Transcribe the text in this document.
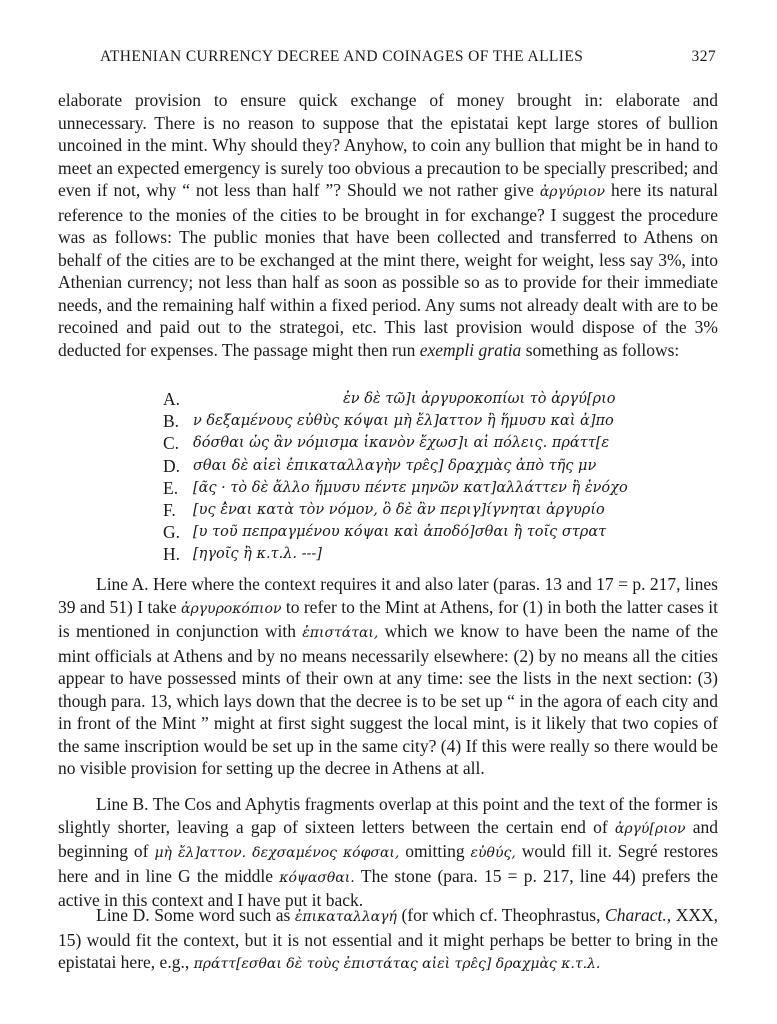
ATHENIAN CURRENCY DECREE AND COINAGES OF THE ALLIES	327

elaborate provision to ensure quick exchange of money brought in: elaborate and unnecessary. There is no reason to suppose that the epistatai kept large stores of bullion uncoined in the mint. Why should they? Anyhow, to coin any bullion that might be in hand to meet an expected emergency is surely too obvious a precaution to be specially prescribed; and even if not, why “ not less than half ”? Should we not rather give ἀργύριον here its natural reference to the monies of the cities to be brought in for exchange? I suggest the procedure was as follows: The public monies that have been collected and transferred to Athens on behalf of the cities are to be exchanged at the mint there, weight for weight, less say 3%, into Athenian currency; not less than half as soon as possible so as to provide for their immediate needs, and the remaining half within a fixed period. Any sums not already dealt with are to be recoined and paid out to the strategoi, etc. This last provision would dispose of the 3% deducted for expenses. The passage might then run exempli gratia something as follows:

A.	ἐν δὲ τῶ]ι ἀργυροκοπίωι τὸ ἀργύ[ριο
B. ν δεξαμένους εὐθὺς κόψαι μὴ ἔλ]αττον ἢ ἥμυσυ καὶ ἀ]πο
C. δόσθαι ὡς ἂν νόμισμα ἱκανὸν ἔχωσ]ι αἱ πόλεις. πράττ[ε
D. σθαι δὲ αἰεὶ ἐπικαταλλαγὴν τρε̂ς] δραχμὰς ἀπὸ τῆς μν
E. [ᾶς · τὸ δὲ ἄλλο ἥμυσυ πέντε μηνῶν κατ]αλλάττεν ἢ ἐνόχο
F. [υς ἐ̂ναι κατὰ τὸν νόμον, ὃ δὲ ἂν περιγ]ίγνηται ἀργυρίο
G. [υ τοῦ πεπραγμένου κόψαι καὶ ἀποδό]σθαι ἢ τοῖς στρατ
H. [ηγοῖς ἢ κ.τ.λ. ---]

Line A. Here where the context requires it and also later (paras. 13 and 17 = p. 217, lines 39 and 51) I take ἀργυροκόπιον to refer to the Mint at Athens, for (1) in both the latter cases it is mentioned in conjunction with ἐπιστάται, which we know to have been the name of the mint officials at Athens and by no means necessarily elsewhere: (2) by no means all the cities appear to have possessed mints of their own at any time: see the lists in the next section: (3) though para. 13, which lays down that the decree is to be set up “ in the agora of each city and in front of the Mint ” might at first sight suggest the local mint, is it likely that two copies of the same inscription would be set up in the same city? (4) If this were really so there would be no visible provision for setting up the decree in Athens at all.

Line B. The Cos and Aphytis fragments overlap at this point and the text of the former is slightly shorter, leaving a gap of sixteen letters between the certain end of ἀργύ[ριον and beginning of μὴ ἔλ]αττον. δεχσαμένος κόφσαι, omitting εὐθύς, would fill it. Segré restores here and in line G the middle κόψασθαι. The stone (para. 15 = p. 217, line 44) prefers the active in this context and I have put it back.

Line D. Some word such as ἐπικαταλλαγή (for which cf. Theophrastus, Charact., XXX, 15) would fit the context, but it is not essential and it might perhaps be better to bring in the epistatai here, e.g., πράττ[εσθαι δὲ τοὺς ἐπιστάτας αἰεὶ τρε̂ς] δραχμὰς κ.τ.λ.
